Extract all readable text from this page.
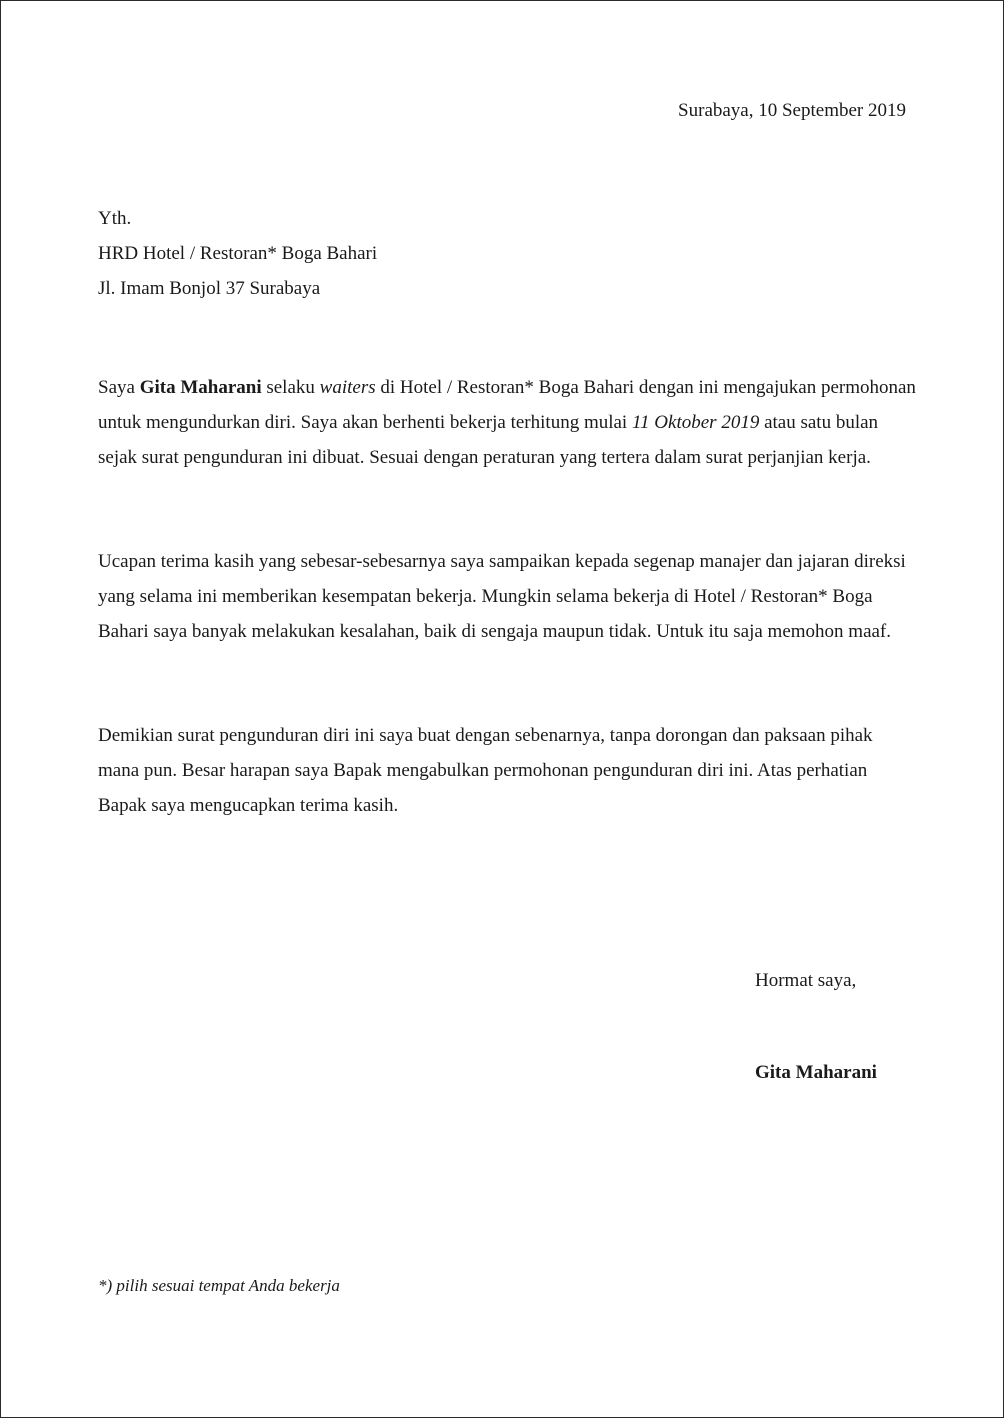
Surabaya, 10 September 2019
Yth.
HRD Hotel / Restoran* Boga Bahari
Jl. Imam Bonjol 37 Surabaya

Saya Gita Maharani selaku waiters di Hotel / Restoran* Boga Bahari dengan ini mengajukan permohonan untuk mengundurkan diri. Saya akan berhenti bekerja terhitung mulai 11 Oktober 2019 atau satu bulan sejak surat pengunduran ini dibuat. Sesuai dengan peraturan yang tertera dalam surat perjanjian kerja.

Ucapan terima kasih yang sebesar-sebesarnya saya sampaikan kepada segenap manajer dan jajaran direksi yang selama ini memberikan kesempatan bekerja. Mungkin selama bekerja di Hotel / Restoran* Boga Bahari saya banyak melakukan kesalahan, baik di sengaja maupun tidak. Untuk itu saja memohon maaf.

Demikian surat pengunduran diri ini saya buat dengan sebenarnya, tanpa dorongan dan paksaan pihak mana pun. Besar harapan saya Bapak mengabulkan permohonan pengunduran diri ini. Atas perhatian Bapak saya mengucapkan terima kasih.

Hormat saya,
Gita Maharani
*) pilih sesuai tempat Anda bekerja
